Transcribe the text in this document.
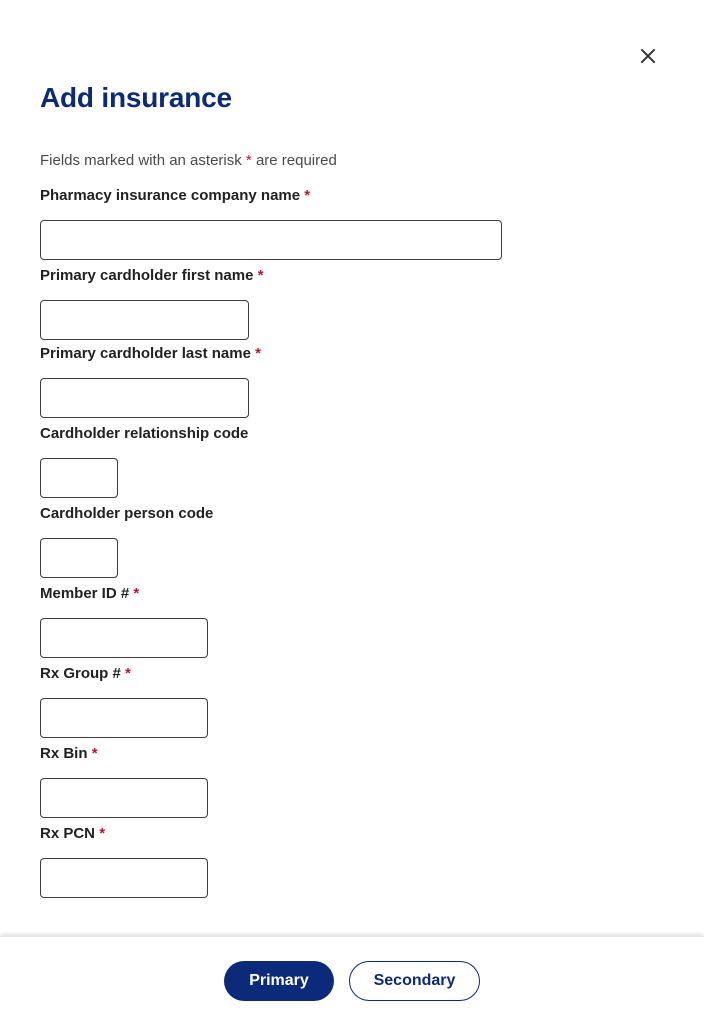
Add insurance
Fields marked with an asterisk * are required
Pharmacy insurance company name *
Primary cardholder first name *
Primary cardholder last name *
Cardholder relationship code
Cardholder person code
Member ID # *
Rx Group # *
Rx Bin *
Rx PCN *
Primary	Secondary
